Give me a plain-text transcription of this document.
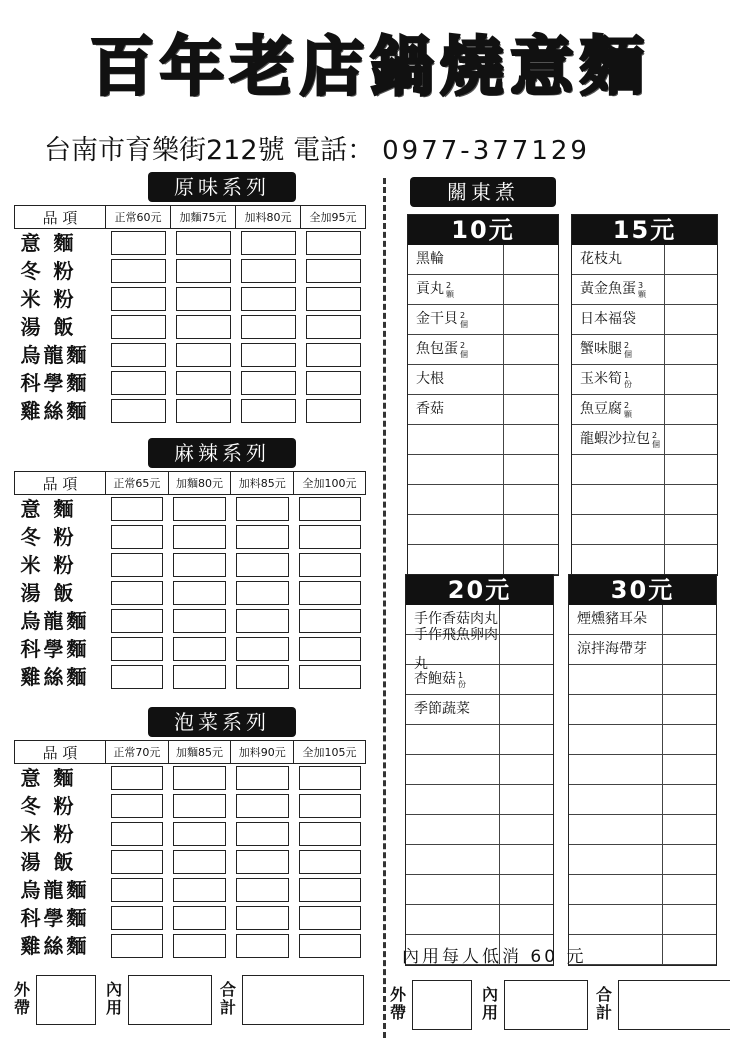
百年老店鍋燒意麵
台南市育樂街212號 電話： 0977-377129
原味系列
品 項	正常60元	加麵75元	加料80元	全加95元
意 麵	

冬 粉	

米 粉	

湯 飯	

烏龍麵	

科學麵	

雞絲麵	

麻辣系列
品 項	正常65元	加麵80元	加料85元	全加100元
意 麵	

冬 粉	

米 粉	

湯 飯	

烏龍麵	

科學麵	

雞絲麵	

泡菜系列
品 項	正常70元	加麵85元	加料90元	全加105元
意 麵	

冬 粉	

米 粉	

湯 飯	

烏龍麵	

科學麵	

雞絲麵	

關東煮
10元
黑輪
貢丸 2顆
金干貝 2個
魚包蛋 2個
大根
香菇
15元
花枝丸
黃金魚蛋 3顆
日本福袋
蟹味腿 2個
玉米筍 1份
魚豆腐 2顆
龍蝦沙拉包 2個
20元
手作香菇肉丸
手作飛魚卵肉丸
杏鮑菇 1份
季節蔬菜
30元
煙燻豬耳朵
涼拌海帶芽
內用每人低消 60 元
外帶
內用
合計
外帶
內用
合計
